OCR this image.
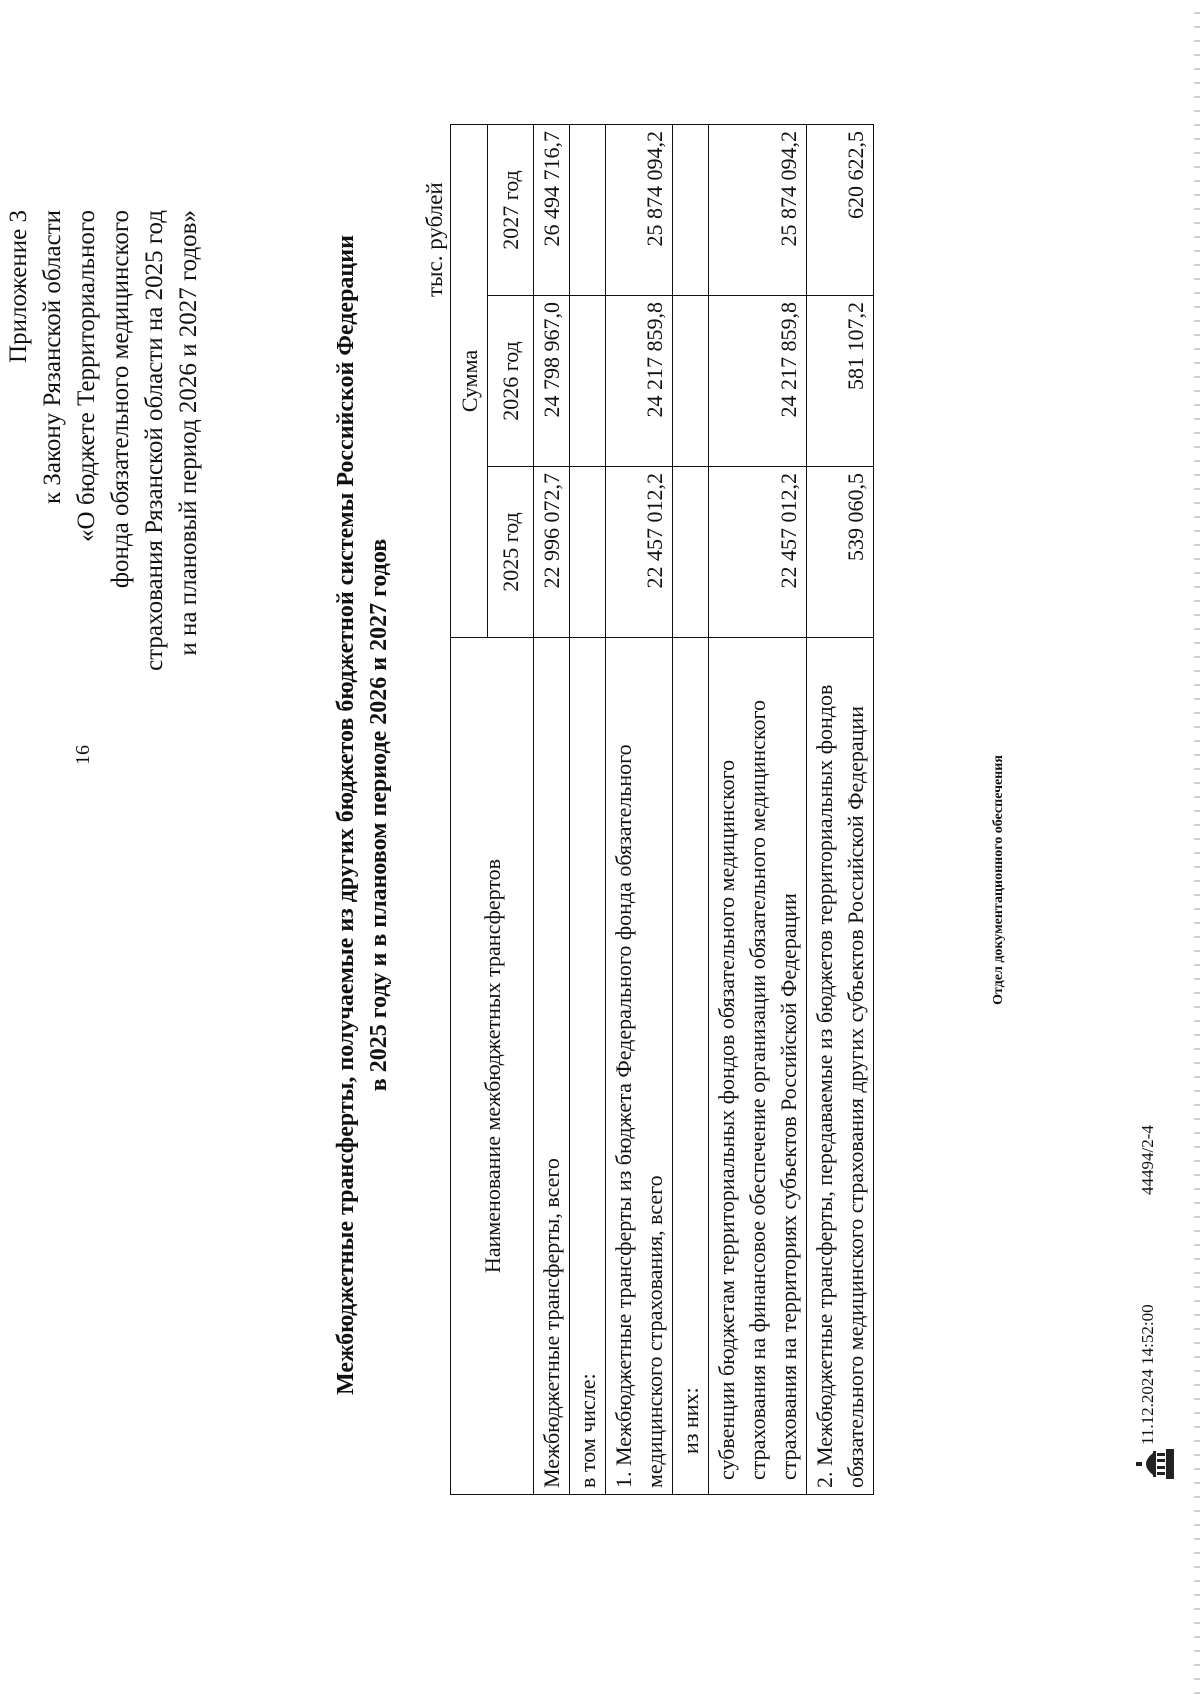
16
Приложение 3 к Закону Рязанской области «О бюджете Территориального фонда обязательного медицинского страхования Рязанской области на 2025 год и на плановый период 2026 и 2027 годов»	Межбюджетные трансферты, получаемые из других бюджетов бюджетной системы Российской Федерации в 2025 году и в плановом периоде 2026 и 2027 годов
тыс. рублей
Наименование межбюджетных трансфертов	Сумма		
	2025 год	2026 год	2027 год
Межбюджетные трансферты, всего	22 996 072,7	24 798 967,0	26 494 716,7
в том числе:			
1. Межбюджетные трансферты из бюджета Федерального фонда обязательного медицинского страхования, всего	22 457 012,2	24 217 859,8	25 874 094,2
из них:			
субвенции бюджетам территориальных фондов обязательного медицинского страхования на финансовое обеспечение организации обязательного медицинского страхования на территориях субъектов Российской Федерации	22 457 012,2	24 217 859,8	25 874 094,2
2. Межбюджетные трансферты, передаваемые из бюджетов территориальных фондов обязательного медицинского страхования других субъектов Российской Федерации	539 060,5	581 107,2	620 622,5
11.12.2024 14:52:00
44494/2-4
Отдел документационного обеспечения
